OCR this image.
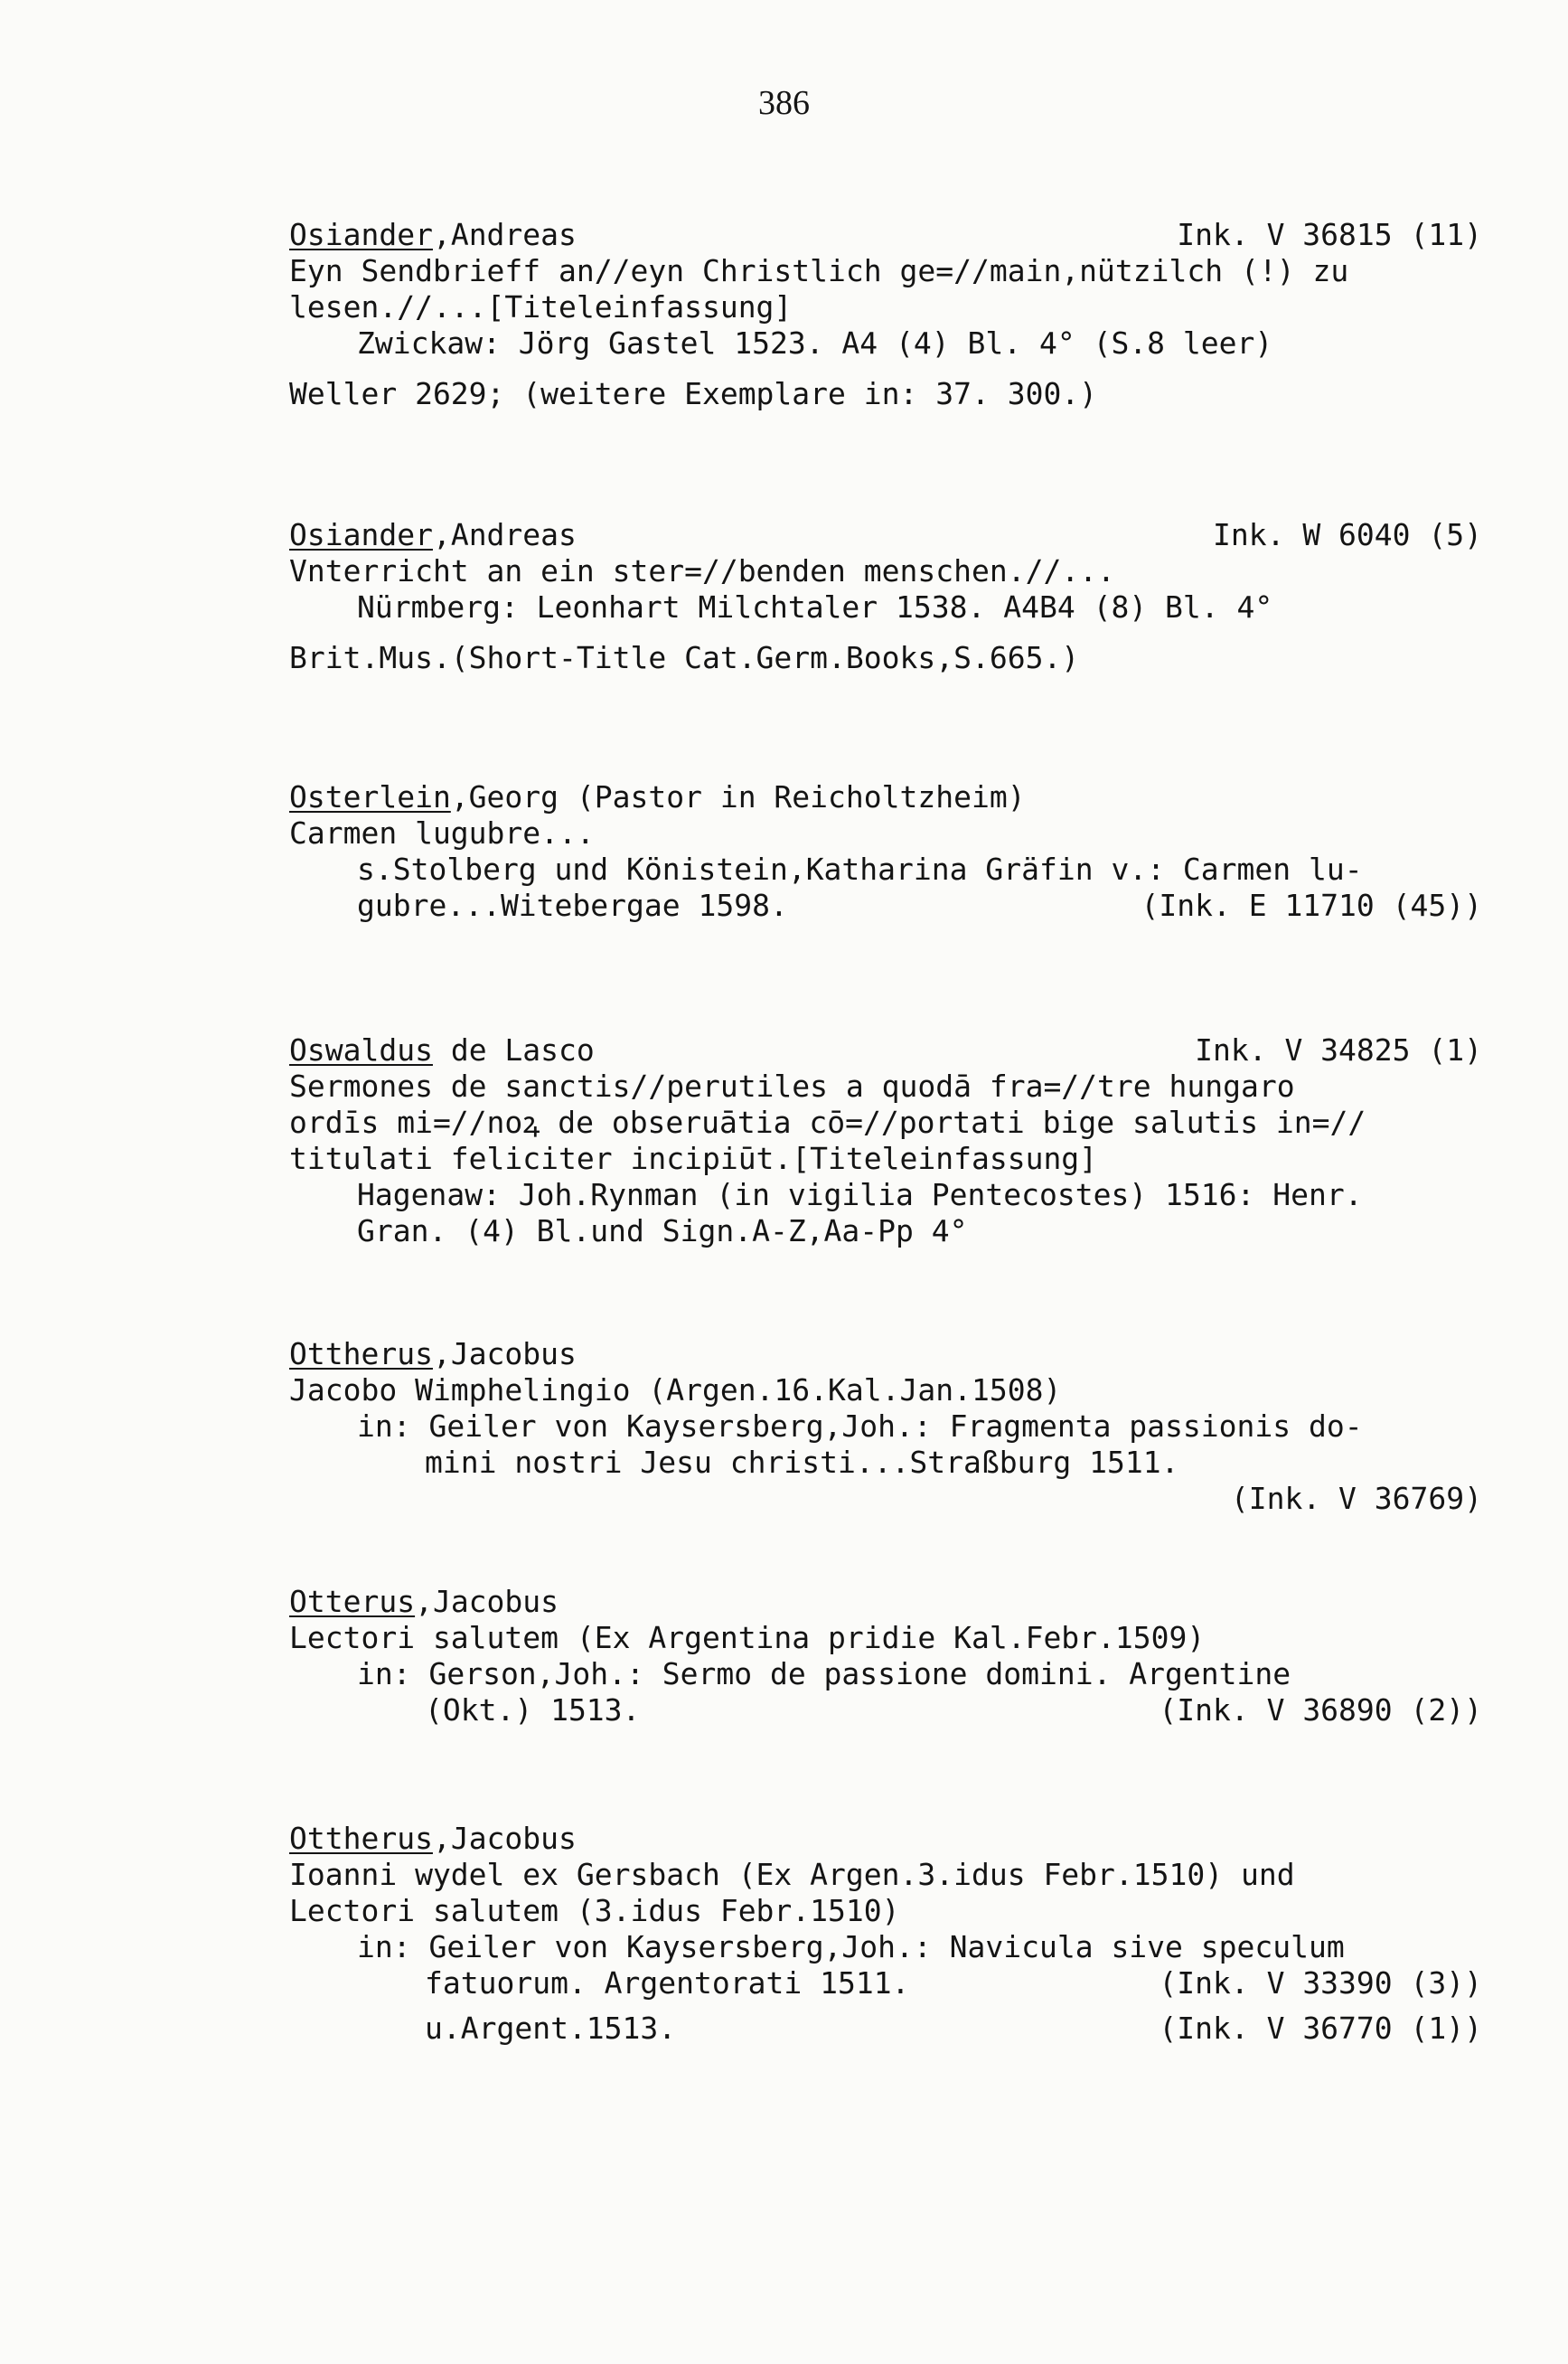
386
Osiander,Andreas	Ink. V 36815 (11)
Eyn Sendbrieff an//eyn Christlich ge=//main,nützilch (!) zu
lesen.//...[Titeleinfassung]
Zwickaw: Jörg Gastel 1523. A4 (4) Bl. 4° (S.8 leer)
Weller 2629; (weitere Exemplare in: 37. 300.)
Osiander,Andreas	Ink. W 6040 (5)
Vnterricht an ein ster=//benden menschen.//...
Nürmberg: Leonhart Milchtaler 1538. A4B4 (8) Bl. 4°
Brit.Mus.(Short-Title Cat.Germ.Books,S.665.)
Osterlein,Georg (Pastor in Reicholtzheim)
Carmen lugubre...
s.Stolberg und Könistein,Katharina Gräfin v.: Carmen lu-
gubre...Witebergae 1598.	(Ink. E 11710 (45))
Oswaldus de Lasco	Ink. V 34825 (1)
Sermones de sanctis//perutiles a quodā fra=//tre hungaro
ordīs mi=//noꝝ de obseruātia cō=//portati bige salutis in=//
titulati feliciter incipiūt.[Titeleinfassung]
Hagenaw: Joh.Rynman (in vigilia Pentecostes) 1516: Henr.
Gran. (4) Bl.und Sign.A-Z,Aa-Pp 4°
Ottherus,Jacobus
Jacobo Wimphelingio (Argen.16.Kal.Jan.1508)
in: Geiler von Kaysersberg,Joh.: Fragmenta passionis do-
mini nostri Jesu christi...Straßburg 1511.
(Ink. V 36769)
Otterus,Jacobus
Lectori salutem (Ex Argentina pridie Kal.Febr.1509)
in: Gerson,Joh.: Sermo de passione domini. Argentine
(Okt.) 1513.	(Ink. V 36890 (2))
Ottherus,Jacobus
Ioanni wydel ex Gersbach (Ex Argen.3.idus Febr.1510) und
Lectori salutem (3.idus Febr.1510)
in: Geiler von Kaysersberg,Joh.: Navicula sive speculum
fatuorum. Argentorati 1511.	(Ink. V 33390 (3))
u.Argent.1513.	(Ink. V 36770 (1))
